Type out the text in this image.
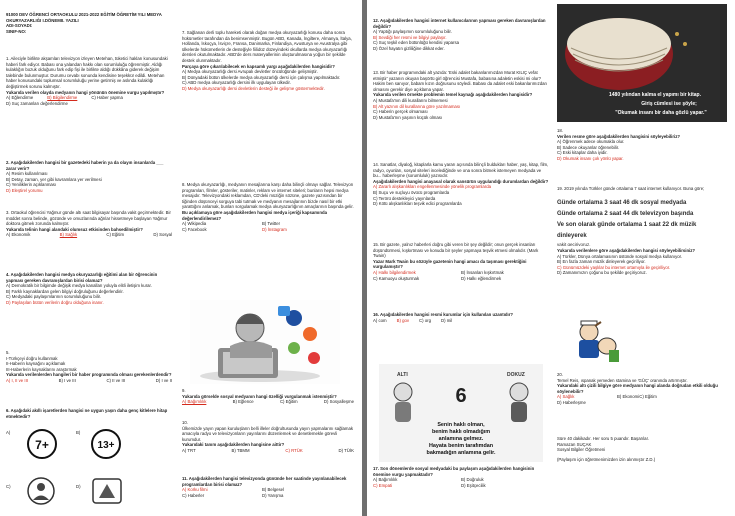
91000 DEV ÖĞRENCİ ORTAOKULU 2021-2022 EĞİTİM ÖĞRETİM YILI MEDYA OKURYAZARLIĞI I.DÖNEMII. YAZILI
ADI-SOYADI:
SINIF-NO:
1. Aileciyle birlikte akşamları televizyon izleyen Metehan, tüketici hakları konusundaki haberi fark ediyor. Babası ona yalandan hakkı olan sorumluluğu öğrenmiştir. Aldığı kulaklığın bozuk olduğunu fark edip fişi ile birlikte aldığı dükkâna giderek değişim talebinde bulunmuştur. Durumu cevabı sonunda kendisine teşekkür edildi. Metehan haber konusundaki toplumsal sorumluluğu yerine getirmiş ve aslında kulaklığı değiştirmek sorunu kalmıştır.
Yukarıda verilen olayda medyanın hangi yönünün önemine vurgu yapılmıştır?
A) Eğlendirme	B) Bilgilendirme	C) Haber yapma
D) Suç zamanları değerlendirme
2. Aşağıdakilerden hangisi bir gazetedeki haberin ya da olayın insanlarda ___ zarar verir?
A) Resim kullanılması
B) Detay, zaman, yer gibi kavramlara yer verilmesi
C) Yeniliklerin açıklanması
D) Eleştirel yorumu
3. Ortaokul öğrencisi Yağmur günde altı saat bilgisayar başında vakit geçirmektedir. Bir müddet sonra belinde, gözünde ve omuzlarında ağrılar hissetmeye başlayan Yağmur doktora gitmek zorunda kalmıştır.
Yukarıda telinin hangi alandaki olumsuz etkisinden bahsedilmiştir?
A) Ekonomik	B) Sağlık	C) Eğitim	D) Sosyal
4. Aşağıdakilerden hangisi medya okuryazarlığı eğitimi alan bir öğrencinin yapması gereken davranışlardan birisi olamaz?
A) Demokratik bir bilgimde değişik medya kanalları yoluyla elitli iletişim kurar.
B) Farklı kaynaklardan gelen bilgiyi doğruluğunu değerlendirir.
C) Medyadaki paylaşımlarının sorumluluğunu bilir.
D) Paylaşılan bütün verilerin doğru olduğuna inanır.
5.
I-Türkçeyi doğru kullanmak
II-Haberin kaynağını açıklamak
III-Haberlerin kaynaklarını araştırmak
Yukarıda verilenlerden hangileri bir haber programında olması gerekenlerdendir?
A) I, II ve III	B) I ve III	C) II ve III	D) I ve II
6. Aşağıdaki akıllı işaretlerden hangisi ne uygun yaşın daha genç kitlelere hitap etmektedir?
A)
7+
B)
13+
C)	D)
7. Sağlanan derli toplu hareketi olarak doğan medya okuryazarlığı konusu daha sonra hükümetler tarafından da benimsenmiştir. Bugün ABD, Kanada, İngiltere, Almanya, İtalya, Hollanda, İskoçya, İsviçre, Fransa, Danimarka, Finlandiya, Avusturya ve Avustralya gibi ülkelerde hükümetlerin de desteğiyle fiilidüz düzeyindeki okullarda medya okuryazarlığı dersleri okutulmaktadır. ABD'de ders materyallerinin oluşturulmasına yoğun bir şekilde destek olunmaktadır.
Parçaya göre çıkarılabilecek en kapsamlı yargı aşağıdakilerden hangisidir?
A) Medya okuryazarlığı dersi Avrupalı devletler öncülüğünde gelişmiştir.
B) Dünyadaki bütün ülkelerde medya okuryazarlığı dersi için çalışma yapılmaktadır.
C) ABD medya okuryazarlığı dersini ilk uygulayan ülkedir.
D) Medya okuryazarlığı dersi devletlerin desteği ile gelişme göstermektedir.
8. Medya okuryazarlığı, medyanın mesajlarına karşı daha bilinçli olmayı sağlar. Televizyon programları, filmler, gösteriler, matinler, reklam ve internet siteleri; bunların hepsi medya mesajıdır. Televizyondaki reklamdan, CD'deki müziğin sözüne, gazete yazısından bir tiğinden düşünceyi sorguya tabi tutmak ve medyanın mesajlarının bizde nasıl bir etki yarattığını anlamak, bunları sorgulamak medya okuryazarlığının amaçlarının başında gelir.
Bu açıklamaya göre aşağıdakilerden hangisi medya içeriği kapsamında değerlendirilemez?
A) Wikipedia	B) Twitter
C) Facebook	D) İnstagram
9.
Yukarıda görselde sosyal medyanın hangi özelliği vurgulanmak istenmiştir?
A) Bağımlılık	B) Eğlence	C) Eğitim	D) Sosyalleşme
10.
Ülkemizde yayın yapan kuruluşların belli illeler doğrultusunda yayın yapmalarını sağlamak amacıyla radyo ve televizyonların yayınlarını düzenlemek ve denetlemekle görevli kurumdur.
Yukarıdaki tanım aşağıdakilerden hangisine aittir?
A) TRT	B) TBMM	C) RTÜK	D) TÜİK
11. Aşağıdakilerden hangisi televizyonda gününde her saatinde yayınlanabilecek programlardan birisi olamaz?
A) Korku filmi	B) Belgesel
C) Haberler	D) Yarışma
12. Aşağıdakilerden hangisi internet kullanıcılarının yapması gereken davranışlardan değildir?
A) Yaptığı paylaşımın sorumluluğunu bilir.
B) Sevdiği her resmi ve bilgiyi paylaşır.
C) Suç teşkil eden bütünlüğü kendisi yaparsa
D) Özel hayatın gizliliğine dikkat eder.
13. Bir haber programındaki alt yazıda: 'Eski adalet bakanlarımızdan Murat KILIÇ vefat etmiştir' yazanın okuyan başörtü girl öğrencisi Mustafa, babasına adaletin eskisi mi olur? Hakim ben sanıyor, babam kızın doğrusunu söyledi. Babası da adalet eski bakanlarımızdan olmasını gerekir diye açıklama yapar.
Yukarıda verilen örnekte problemin temel kaynağı aşağıdakilerden hangisidir?
A) Mustafa'nın dili kurallarını bilmemesi
B) Alt yazının dil kurallarına göre yazılmaması
C) Haberin gerçek olmaması
D) Mustafa'nın yaşının küçük olması
14. Sanatlar, diyaloğ, kitaplarla kamu yararı açısında bilinçli buldukları haber, yaş, kitap, film, radyo, oyunları, sosyal siteleri incelediğinde ve ona sonra bitmek istemeyen medyada ve bu... haberleşme (sorumluluk) yazısıdır.
Aşağıdakilerden hangisi anayasal olarak sansürün uygulandığı durumlardan değildir?
A) Zararlı alışkanlıkları engellenmesinde yönelik programlarda
B) Suçu ve suçluyu övücü programlarda
C) Terörü destekleyici yayınlarda
D) Kötü alışkanlıkları teşvik edici programlarda
15. Bir gazete, yalnız haberleri doğru gibi veren bir şey değildir; onun gerçek insanları düşündürmesi, kışkırtması ve konuda bir şeyler yapmaya teşvik etmesi olmalıdır. (Mark Twain)
Yazar Mark Twain bu sözüyle gazetenin hangi amacı da taşıması gerektiğini vurgulamıştır?
A) Halkı bilgilendirmek	B) İnsanları kışkırtmak
C) Kamuoyu oluşturmak	D) Halkı eğlendirmek
16. Aşağıdakilerden hangisi resmi kurumlar için kullanılan uzantıdır?
A) com B) gov C) org D) mil
ALTI	DOKUZ
6
Senin haklı olman,
benim haklı olmadığım
anlamına gelmez.
Hayata benim tarafımdan
bakmadığın anlamına gelir.
17. Son dönemlerde sosyal medyadaki bu paylaşım aşağıdakilerden hangisinin önemine vurgu yapmaktadır?
A) Bağımlılık	B) Doğruluk
C) Empati	D) Eşitçecilik
1480 yılından kalma el yapımı bir kitap.
Giriş cümlesi ise şöyle;
"Okumak insanı bir daha gözlü yapar."
18.
Verilen resme göre aşağıdakilerden hangisini söyleyebiliriz?
A) Öğrenmek adece okumakla olur.
B) Sadece okuyanlar öğrenebilir.
C) Eski kitaplar daha iyidir.
D) Okumak insanı çok yönlü yapar.
19. 2019 yılında Türkler günde ortalama 7 saat internet kullanıyor. Buna göre;
Günde ortalama 3 saat 46 dk sosyal medyada
Günde ortalama 2 saat 44 dk televizyon başında
Ve son olarak günde ortalama 1 saat 22 dk müzik dinleyerek
vakit geçiriyoruz.
Yukarıda verilenlere göre aşağıdakilerden hangisi söyleyebilirsiniz?
A) Türkler, Dünya ortalamasının üstünde sosyal medya kullanıyor.
B) En fazla zaman müzik dinleyerek geçiriliyor.
C) Günümüzdeki yaşlılar bu internet ortamıyla ile geçiriliyor.
D) Zamanımızın çoğunu bu şekilde geçiriyoruz.
20.
Temel Reis, ıspanak yemeden stamina ve 'GÜÇ' oranında artırmıştır.
Yukarıdaki altı çizili bilgiye göre medyanın hangi alanda doğrudan etkili olduğu söylenebilir?
A) Sağlık	B) Ekonomi C) Eğitim
D) Haberleşme
Süre 40 dakikadır. Her soru 5 puandır. Başarılar.
Ramazan SUÇAK
Sosyal Bilgiler Öğretmeni
(Paylaşım için öğretmenimizden izin alınmıştır Z.D.)
